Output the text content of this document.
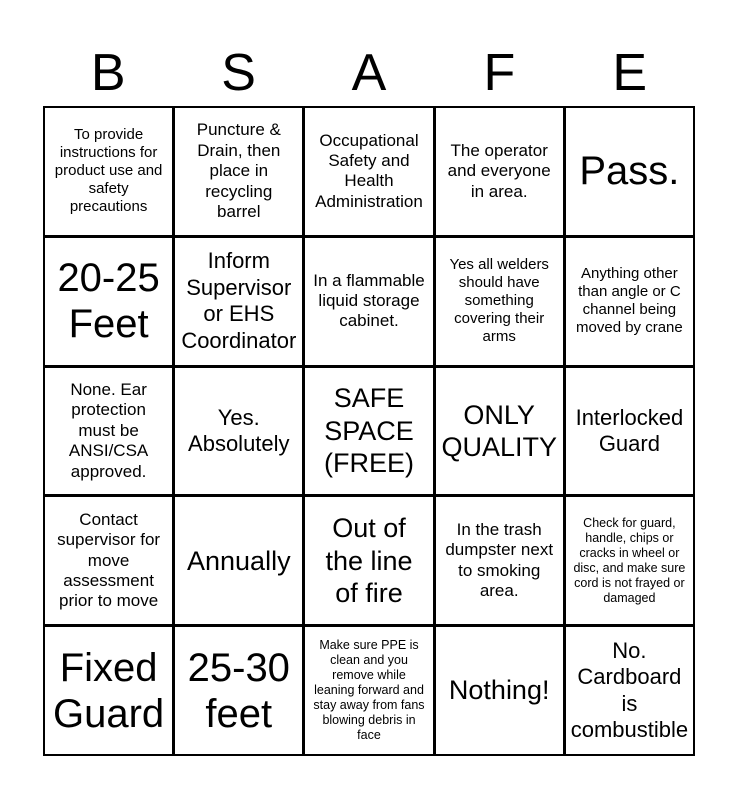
B	S	A	F	E
To provide instructions for product use and safety precautions
Puncture & Drain, then place in recycling barrel
Occupational Safety and Health Administration
The operator and everyone in area.	Pass.
20-25 Feet
Inform Supervisor or EHS Coordinator
In a flammable liquid storage cabinet.
Yes all welders should have something covering their arms
Anything other than angle or C channel being moved by crane
None. Ear protection must be ANSI/CSA approved.
Yes. Absolutely
SAFE SPACE (FREE)
ONLY QUALITY
Interlocked Guard
Contact supervisor for move assessment prior to move
Annually
Out of the line of fire
In the trash dumpster next to smoking area.
Check for guard, handle, chips or cracks in wheel or disc, and make sure cord is not frayed or damaged
Fixed Guard
25-30 feet
Make sure PPE is clean and you remove while leaning forward and stay away from fans blowing debris in face
Nothing!
No. Cardboard is combustible
